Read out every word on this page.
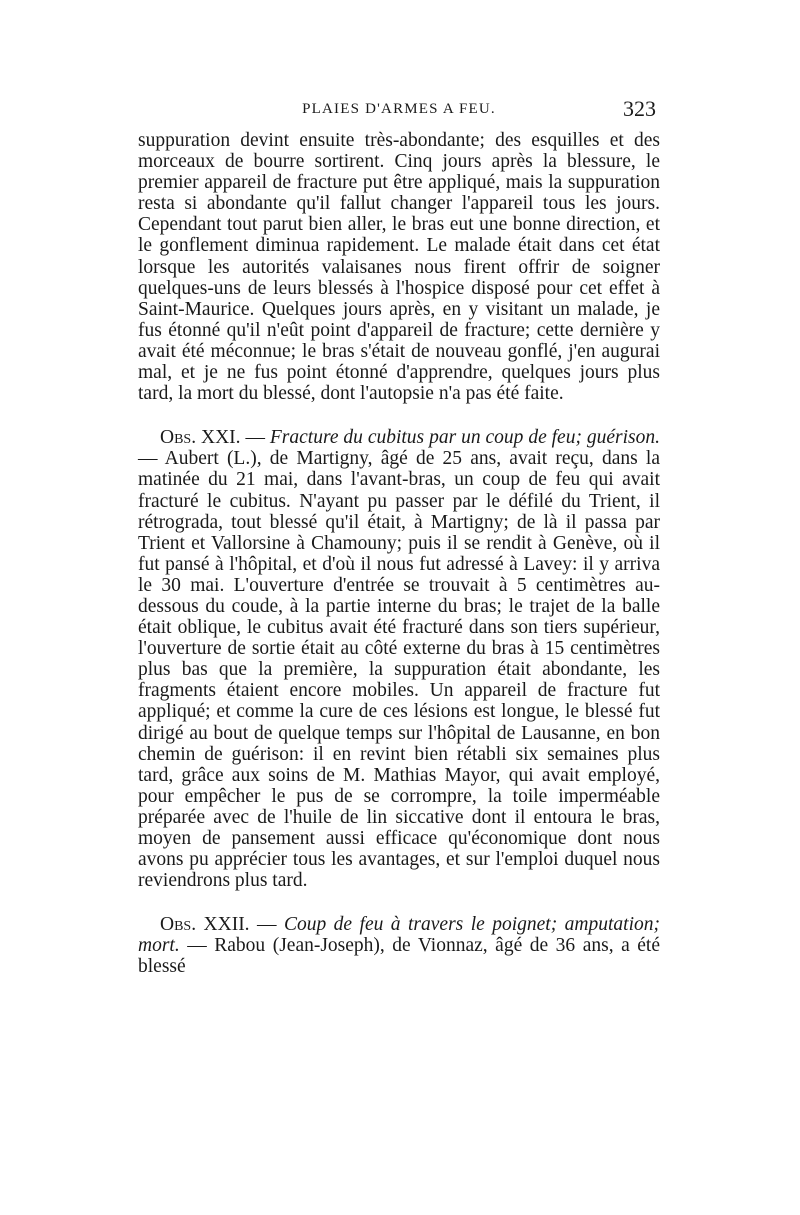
PLAIES D'ARMES A FEU.	323

suppuration devint ensuite très-abondante; des esquilles et des morceaux de bourre sortirent. Cinq jours après la blessure, le premier appareil de fracture put être appliqué, mais la suppuration resta si abondante qu'il fallut changer l'appareil tous les jours. Cependant tout parut bien aller, le bras eut une bonne direction, et le gonflement diminua rapidement. Le malade était dans cet état lorsque les autorités valaisanes nous firent offrir de soigner quelques-uns de leurs blessés à l'hospice disposé pour cet effet à Saint-Maurice. Quelques jours après, en y visitant un malade, je fus étonné qu'il n'eût point d'appareil de fracture; cette dernière y avait été méconnue; le bras s'était de nouveau gonflé, j'en augurai mal, et je ne fus point étonné d'apprendre, quelques jours plus tard, la mort du blessé, dont l'autopsie n'a pas été faite.

Obs. XXI. — Fracture du cubitus par un coup de feu; guérison. — Aubert (L.), de Martigny, âgé de 25 ans, avait reçu, dans la matinée du 21 mai, dans l'avant-bras, un coup de feu qui avait fracturé le cubitus. N'ayant pu passer par le défilé du Trient, il rétrograda, tout blessé qu'il était, à Martigny; de là il passa par Trient et Vallorsine à Chamouny; puis il se rendit à Genève, où il fut pansé à l'hôpital, et d'où il nous fut adressé à Lavey: il y arriva le 30 mai. L'ouverture d'entrée se trouvait à 5 centimètres au-dessous du coude, à la partie interne du bras; le trajet de la balle était oblique, le cubitus avait été fracturé dans son tiers supérieur, l'ouverture de sortie était au côté externe du bras à 15 centimètres plus bas que la première, la suppuration était abondante, les fragments étaient encore mobiles. Un appareil de fracture fut appliqué; et comme la cure de ces lésions est longue, le blessé fut dirigé au bout de quelque temps sur l'hôpital de Lausanne, en bon chemin de guérison: il en revint bien rétabli six semaines plus tard, grâce aux soins de M. Mathias Mayor, qui avait employé, pour empêcher le pus de se corrompre, la toile imperméable préparée avec de l'huile de lin siccative dont il entoura le bras, moyen de pansement aussi efficace qu'économique dont nous avons pu apprécier tous les avantages, et sur l'emploi duquel nous reviendrons plus tard.

Obs. XXII. — Coup de feu à travers le poignet; amputation; mort. — Rabou (Jean-Joseph), de Vionnaz, âgé de 36 ans, a été blessé
